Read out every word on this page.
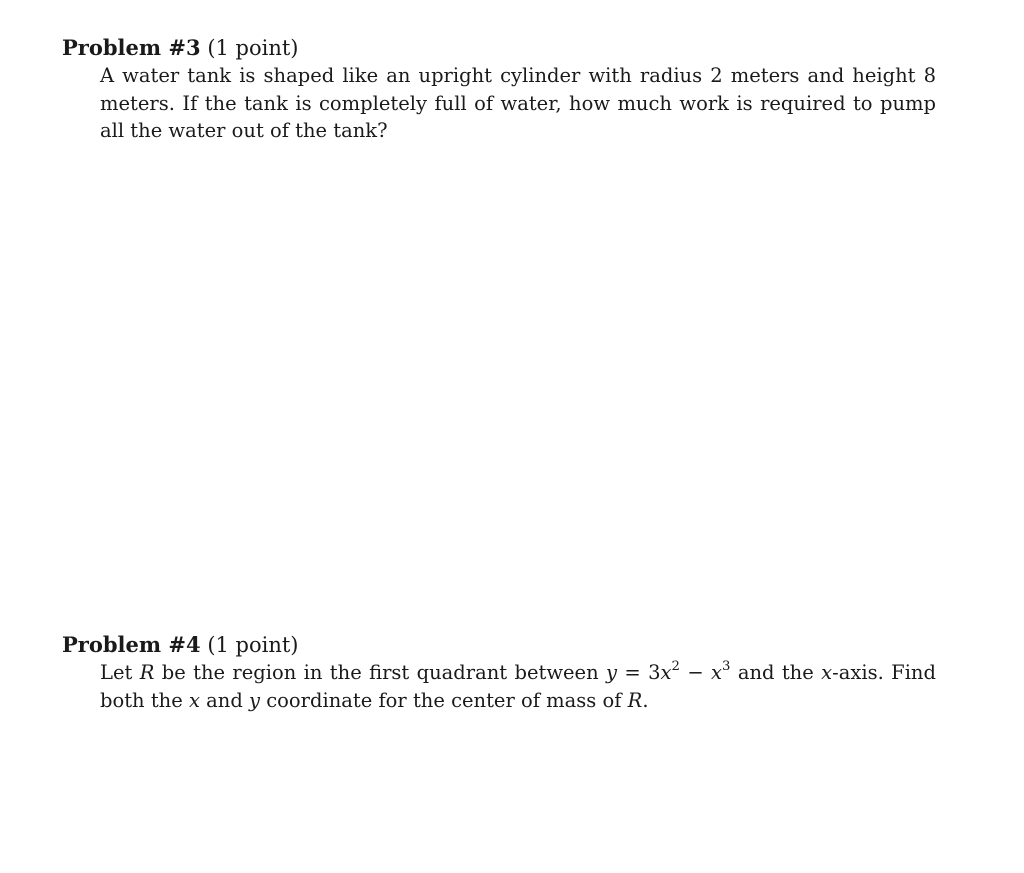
Problem #3 (1 point)
A water tank is shaped like an upright cylinder with radius 2 meters and height 8 meters. If the tank is completely full of water, how much work is required to pump all the water out of the tank?
Problem #4 (1 point)
Let R be the region in the first quadrant between $y = 3x^2 - x^3$ and the x-axis. Find both the x and y coordinate for the center of mass of R.
